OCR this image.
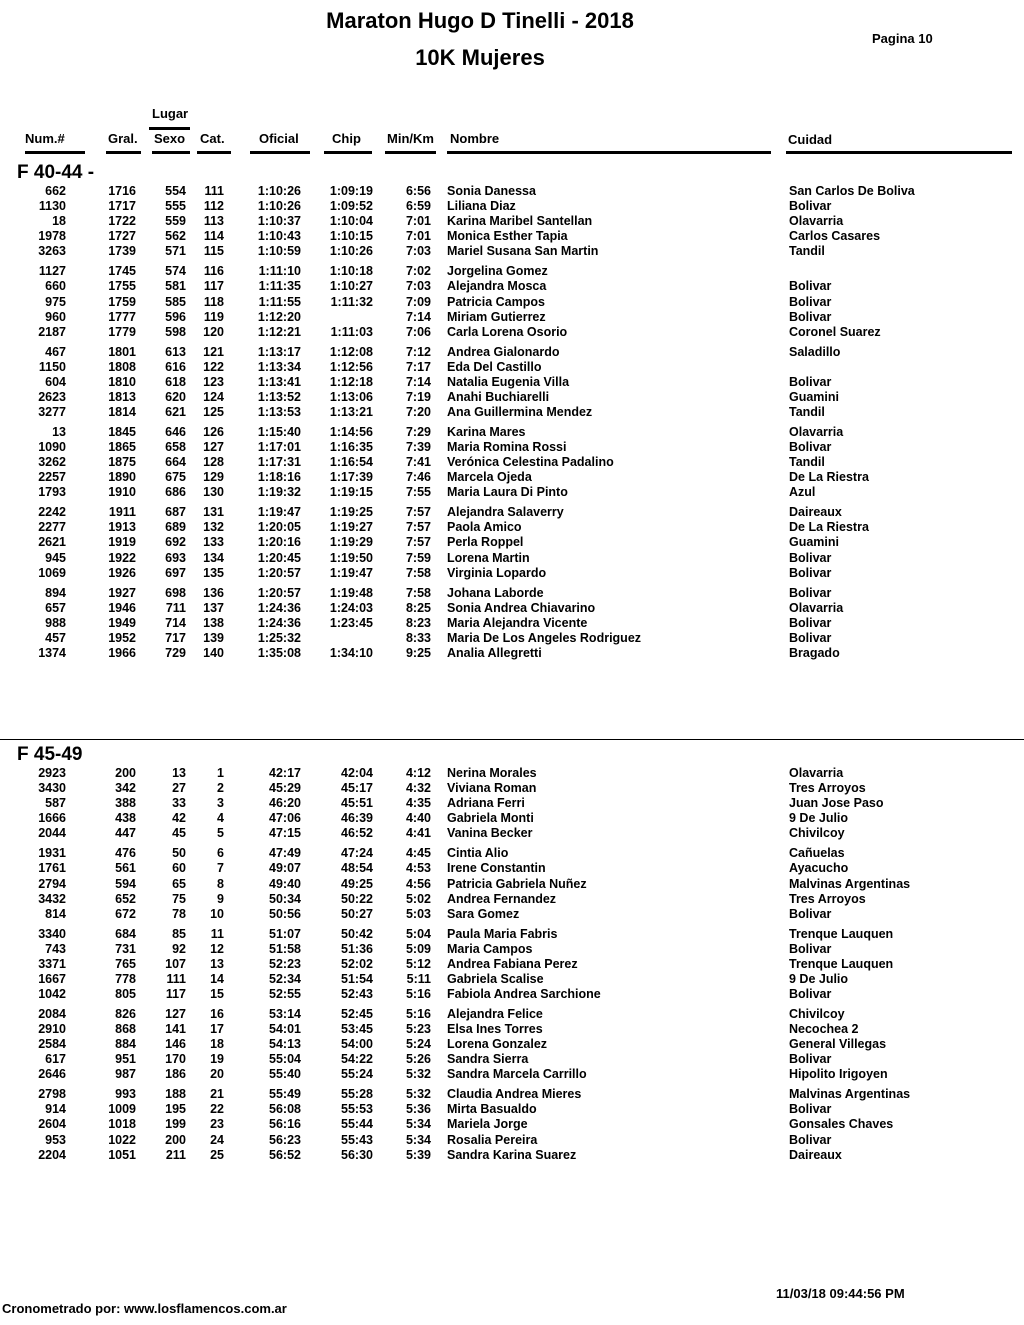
Maraton Hugo D Tinelli - 2018
10K Mujeres
Pagina 10
Lugar
Num.#	Gral. Sexo Cat.	Oficial	Chip Min/Km Nombre	Cuidad
F 40-44 -
662	1716 554 111	1:10:26 1:09:19	6:56 Sonia Danessa	San Carlos De Boliva
1130	1717 555 112	1:10:26 1:09:52	6:59 Liliana Diaz	Bolivar
18	1722 559 113	1:10:37 1:10:04	7:01 Karina Maribel Santellan	Olavarria
1978	1727 562 114	1:10:43 1:10:15	7:01 Monica Esther Tapia	Carlos Casares
3263	1739 571 115	1:10:59 1:10:26	7:03 Mariel Susana San Martin	Tandil
1127	1745 574 116	1:11:10 1:10:18	7:02 Jorgelina Gomez
660	1755 581 117	1:11:35 1:10:27	7:03 Alejandra Mosca	Bolivar
975	1759 585 118	1:11:55 1:11:32	7:09 Patricia Campos	Bolivar
960	1777 596 119	1:12:20	7:14 Miriam Gutierrez	Bolivar
2187	1779 598 120	1:12:21 1:11:03	7:06 Carla Lorena Osorio	Coronel Suarez
467	1801 613 121	1:13:17 1:12:08	7:12 Andrea Gialonardo	Saladillo
1150	1808 616 122	1:13:34 1:12:56	7:17 Eda Del Castillo
604	1810 618 123	1:13:41 1:12:18	7:14 Natalia Eugenia Villa	Bolivar
2623	1813 620 124	1:13:52 1:13:06	7:19 Anahi Buchiarelli	Guamini
3277	1814 621 125	1:13:53 1:13:21	7:20 Ana Guillermina Mendez	Tandil
13	1845 646 126	1:15:40 1:14:56	7:29 Karina Mares	Olavarria
1090	1865 658 127	1:17:01 1:16:35	7:39 Maria Romina Rossi	Bolivar
3262	1875 664 128	1:17:31 1:16:54	7:41 Verónica Celestina Padalino	Tandil
2257	1890 675 129	1:18:16 1:17:39	7:46 Marcela Ojeda	De La Riestra
1793	1910 686 130	1:19:32 1:19:15	7:55 Maria Laura Di Pinto	Azul
2242	1911 687 131	1:19:47 1:19:25	7:57 Alejandra Salaverry	Daireaux
2277	1913 689 132	1:20:05 1:19:27	7:57 Paola Amico	De La Riestra
2621	1919 692 133	1:20:16 1:19:29	7:57 Perla Roppel	Guamini
945	1922 693 134	1:20:45 1:19:50	7:59 Lorena Martin	Bolivar
1069	1926 697 135	1:20:57 1:19:47	7:58 Virginia Lopardo	Bolivar
894	1927 698 136	1:20:57 1:19:48	7:58 Johana Laborde	Bolivar
657	1946 711 137	1:24:36 1:24:03	8:25 Sonia Andrea Chiavarino	Olavarria
988	1949 714 138	1:24:36 1:23:45	8:23 Maria Alejandra Vicente	Bolivar
457	1952 717 139	1:25:32	8:33 Maria De Los Angeles Rodriguez	Bolivar
1374	1966 729 140	1:35:08 1:34:10	9:25 Analia Allegretti	Bragado
F 45-49
2923	200	13 1	42:17	42:04	4:12 Nerina Morales	Olavarria
3430	342	27 2	45:29	45:17	4:32 Viviana Roman	Tres Arroyos
587	388	33 3	46:20	45:51	4:35 Adriana Ferri	Juan Jose Paso
1666	438	42 4	47:06	46:39	4:40 Gabriela Monti	9 De Julio
2044	447	45 5	47:15	46:52	4:41 Vanina Becker	Chivilcoy
1931	476	50 6	47:49	47:24	4:45 Cintia Alio	Cañuelas
1761	561	60 7	49:07	48:54	4:53 Irene Constantin	Ayacucho
2794	594	65 8	49:40	49:25	4:56 Patricia Gabriela Nuñez	Malvinas Argentinas
3432	652	75 9	50:34	50:22	5:02 Andrea Fernandez	Tres Arroyos
814	672	78 10	50:56	50:27	5:03 Sara Gomez	Bolivar
3340	684	85 11	51:07	50:42	5:04 Paula Maria Fabris	Trenque Lauquen
743	731	92 12	51:58	51:36	5:09 Maria Campos	Bolivar
3371	765 107 13	52:23	52:02	5:12 Andrea Fabiana Perez	Trenque Lauquen
1667	778 111 14	52:34	51:54	5:11 Gabriela Scalise	9 De Julio
1042	805 117 15	52:55	52:43	5:16 Fabiola Andrea Sarchione	Bolivar
2084	826 127 16	53:14	52:45	5:16 Alejandra Felice	Chivilcoy
2910	868 141 17	54:01	53:45	5:23 Elsa Ines Torres	Necochea 2
2584	884 146 18	54:13	54:00	5:24 Lorena Gonzalez	General Villegas
617	951 170 19	55:04	54:22	5:26 Sandra Sierra	Bolivar
2646	987 186 20	55:40	55:24	5:32 Sandra Marcela Carrillo	Hipolito Irigoyen
2798	993 188 21	55:49	55:28	5:32 Claudia Andrea Mieres	Malvinas Argentinas
914	1009 195 22	56:08	55:53	5:36 Mirta Basualdo	Bolivar
2604	1018 199 23	56:16	55:44	5:34 Mariela Jorge	Gonsales Chaves
953	1022 200 24	56:23	55:43	5:34 Rosalia Pereira	Bolivar
2204	1051 211 25	56:52	56:30	5:39 Sandra Karina Suarez	Daireaux
Cronometrado por: www.losflamencos.com.ar
11/03/18 09:44:56 PM
